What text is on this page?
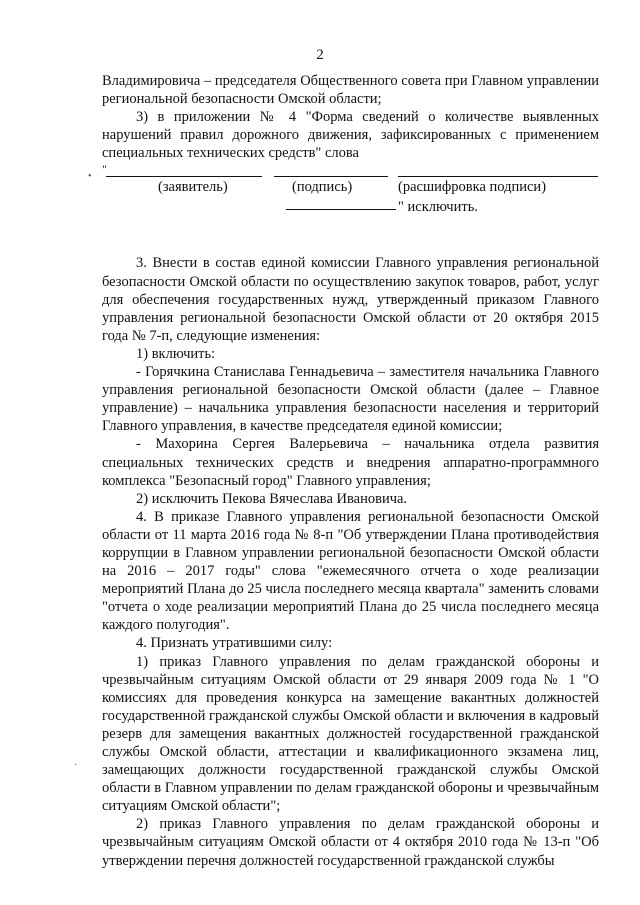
2

Владимировича – председателя Общественного совета при Главном управлении региональной безопасности Омской области;

3) в приложении № 4 "Форма сведений о количестве выявленных нарушений правил дорожного движения, зафиксированных с применением специальных технических средств" слова

"
(заявитель)	(подпись)	(расшифровка подписи)
" исключить.

3. Внести в состав единой комиссии Главного управления региональной безопасности Омской области по осуществлению закупок товаров, работ, услуг для обеспечения государственных нужд, утвержденный приказом Главного управления региональной безопасности Омской области от 20 октября 2015 года № 7-п, следующие изменения:

1) включить:

- Горячкина Станислава Геннадьевича – заместителя начальника Главного управления региональной безопасности Омской области (далее – Главное управление) – начальника управления безопасности населения и территорий Главного управления, в качестве председателя единой комиссии;

- Махорина Сергея Валерьевича – начальника отдела развития специальных технических средств и внедрения аппаратно-программного комплекса "Безопасный город" Главного управления;

2) исключить Пекова Вячеслава Ивановича.

4. В приказе Главного управления региональной безопасности Омской области от 11 марта 2016 года № 8-п "Об утверждении Плана противодействия коррупции в Главном управлении региональной безопасности Омской области на 2016 – 2017 годы" слова "ежемесячного отчета о ходе реализации мероприятий Плана до 25 числа последнего месяца квартала" заменить словами "отчета о ходе реализации мероприятий Плана до 25 числа последнего месяца каждого полугодия".

4. Признать утратившими силу:

1) приказ Главного управления по делам гражданской обороны и чрезвычайным ситуациям Омской области от 29 января 2009 года № 1 "О комиссиях для проведения конкурса на замещение вакантных должностей государственной гражданской службы Омской области и включения в кадровый резерв для замещения вакантных должностей государственной гражданской службы Омской области, аттестации и квалификационного экзамена лиц, замещающих должности государственной гражданской службы Омской области в Главном управлении по делам гражданской обороны и чрезвычайным ситуациям Омской области";

2) приказ Главного управления по делам гражданской обороны и чрезвычайным ситуациям Омской области от 4 октября 2010 года № 13-п "Об утверждении перечня должностей государственной гражданской службы

•
·
